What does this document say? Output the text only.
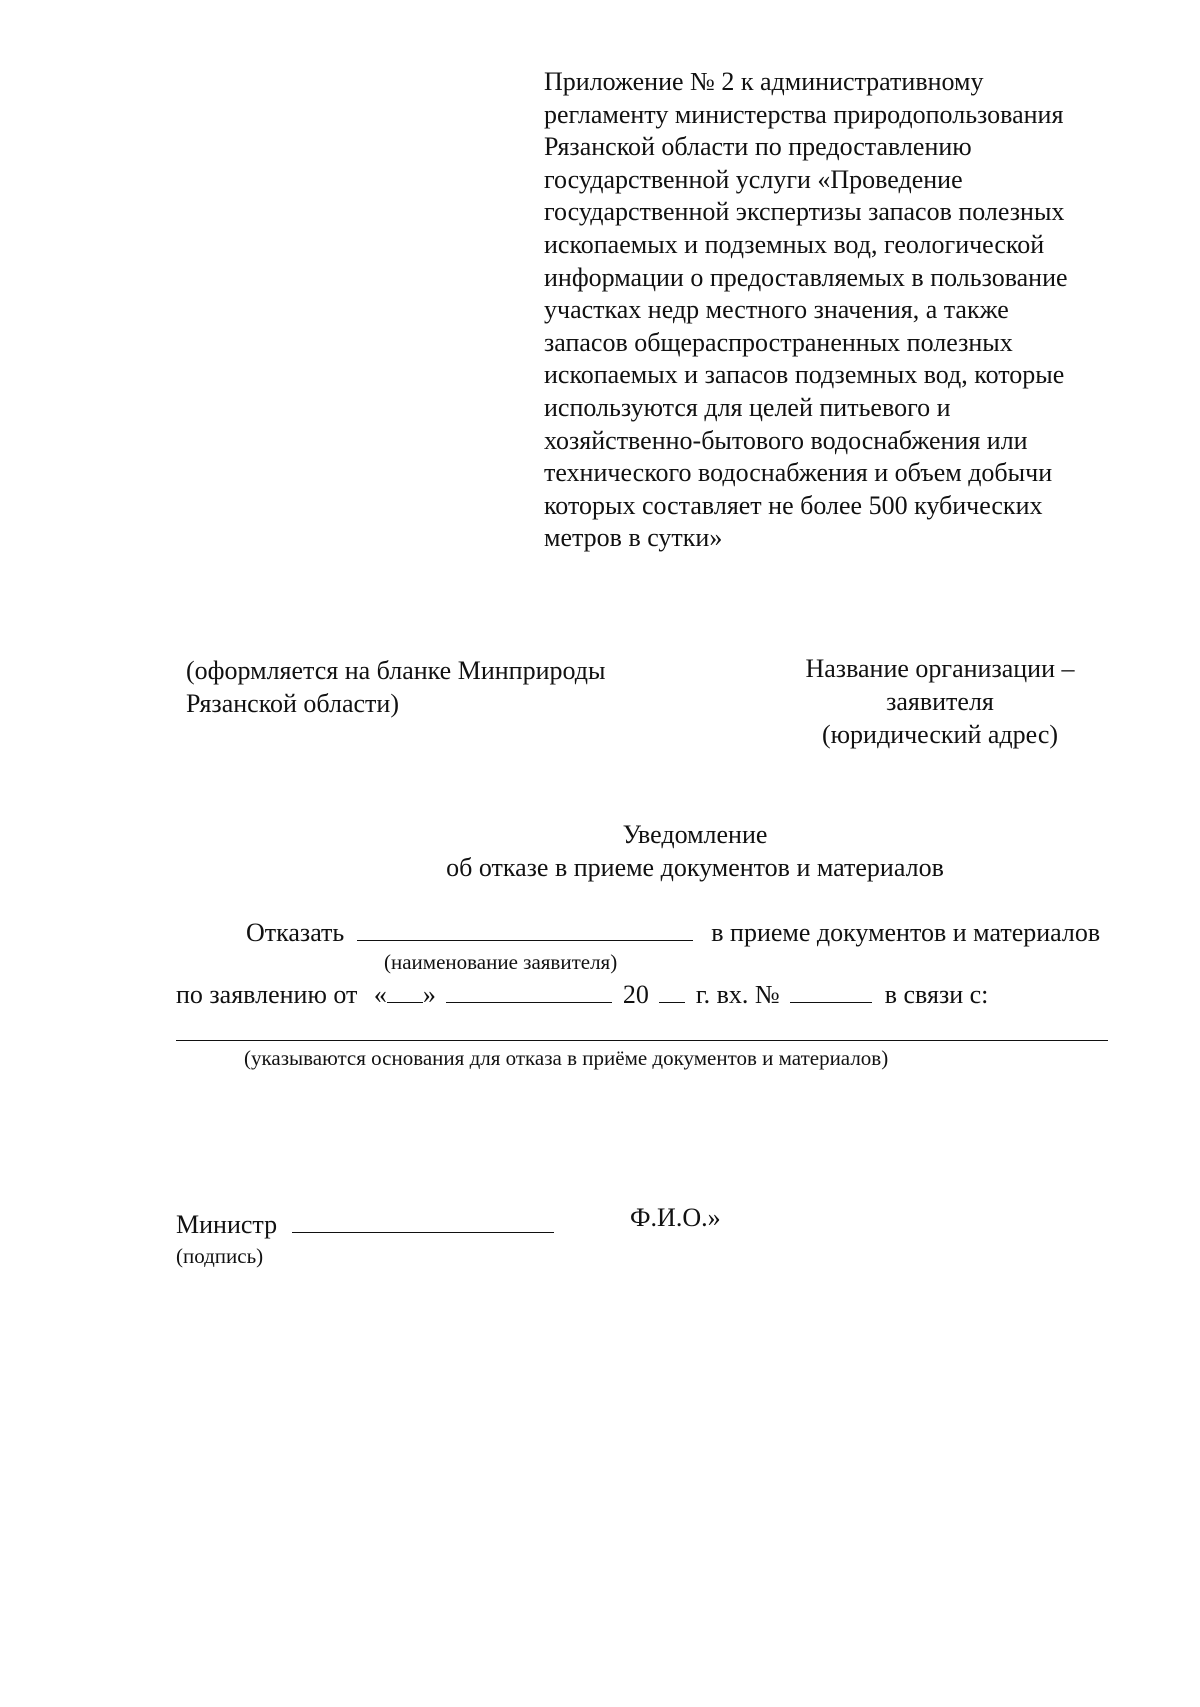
Приложение № 2 к административному
регламенту министерства природопользования
Рязанской области по предоставлению
государственной услуги «Проведение
государственной экспертизы запасов полезных
ископаемых и подземных вод, геологической
информации о предоставляемых в пользование
участках недр местного значения, а также
запасов общераспространенных полезных
ископаемых и запасов подземных вод, которые
используются для целей питьевого и
хозяйственно-бытового водоснабжения или
технического водоснабжения и объем добычи
которых составляет не более 500 кубических
метров в сутки»
(оформляется на бланке Минприроды
Рязанской области)
Название организации –
заявителя
(юридический адрес)
Уведомление
об отказе в приеме документов и материалов
Отказать	в приеме документов и материалов
(наименование заявителя)
по заявлению от « »	20 г. вх. №	в связи с:
(указываются основания для отказа в приёме документов и материалов)
Министр
(подпись)
Ф.И.О.»
